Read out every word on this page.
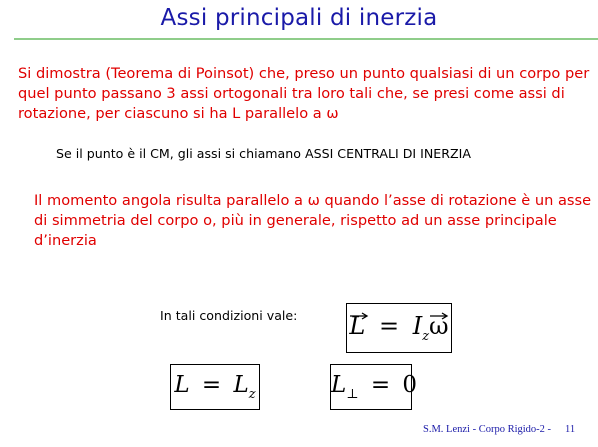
Assi principali di inerzia
Si dimostra (Teorema di Poinsot) che, preso un punto qualsiasi di un corpo per quel punto passano 3 assi ortogonali tra loro tali che, se presi come assi di rotazione, per ciascuno si ha L parallelo a ω
Se il punto è il CM, gli assi si chiamano ASSI CENTRALI DI INERZIA
Il momento angola risulta parallelo a ω quando l’asse di rotazione è un asse di simmetria del corpo o, più in generale, rispetto ad un asse principale d’inerzia
In tali condizioni vale: $L = I_z\omega$
$L = L_z$	$L_\perp = 0$
S.M. Lenzi - Corpo Rigido-2 - 11
